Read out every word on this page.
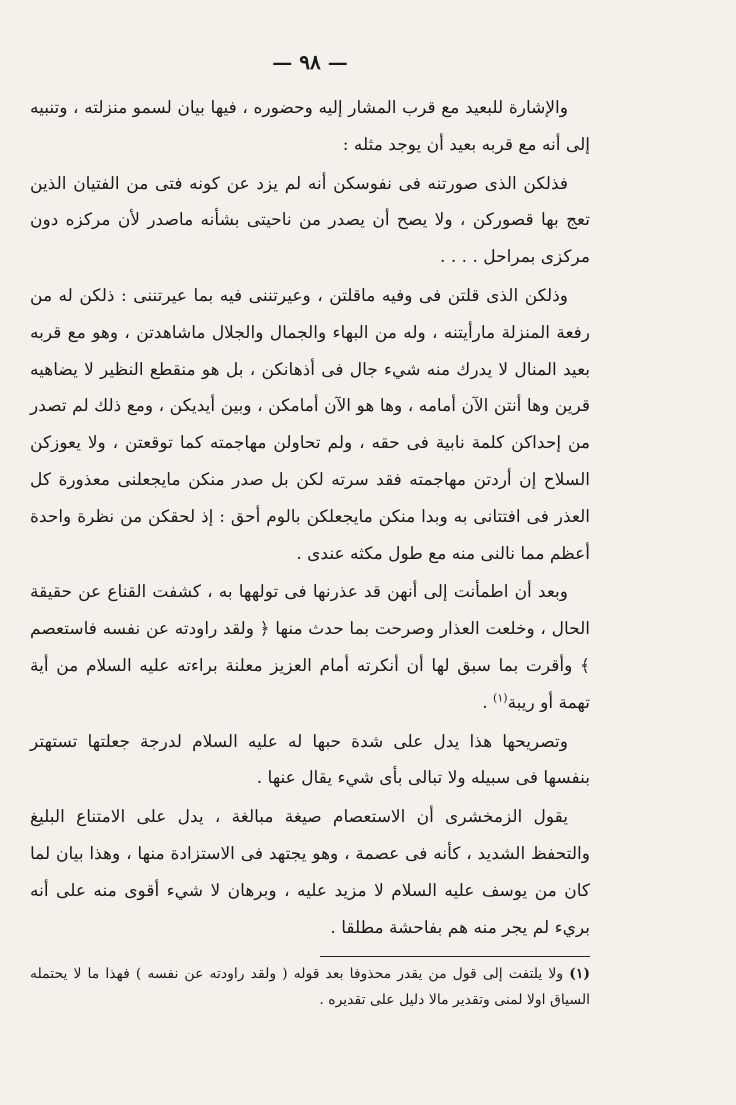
— ٩٨ —

والإشارة للبعيد مع قرب المشار إليه وحضوره ، فيها بيان لسمو منزلته ، وتنبيه إلى أنه مع قربه بعيد أن يوجد مثله :

فذلكن الذى صورتنه فى نفوسكن أنه لم يزد عن كونه فتى من الفتيان الذين تعج بها قصوركن ، ولا يصح أن يصدر من ناحيتى بشأنه ماصدر لأن مركزه دون مركزى بمراحل . . . .

وذلكن الذى قلتن فى وفيه ماقلتن ، وعيرتننى فيه بما عيرتننى : ذلكن له من رفعة المنزلة مارأيتنه ، وله من البهاء والجمال والجلال ماشاهدتن ، وهو مع قربه بعيد المنال لا يدرك منه شيء جال فى أذهانكن ، بل هو منقطع النظير لا يضاهيه قرين وها أنتن الآن أمامه ، وها هو الآن أمامكن ، وبين أيديكن ، ومع ذلك لم تصدر من إحداكن كلمة نابية فى حقه ، ولم تحاولن مهاجمته كما توقعتن ، ولا يعوزكن السلاح إن أردتن مهاجمته فقد سرته لكن بل صدر منكن مايجعلنى معذورة كل العذر فى افتتانى به وبدا منكن مايجعلكن بالوم أحق : إذ لحقكن من نظرة واحدة أعظم مما نالنى منه مع طول مكثه عندى .

وبعد أن اطمأنت إلى أنهن قد عذرنها فى تولهها به ، كشفت القناع عن حقيقة الحال ، وخلعت العذار وصرحت بما حدث منها ﴿ ولقد راودته عن نفسه فاستعصم ﴾ وأقرت بما سبق لها أن أنكرته أمام العزيز معلنة براءته عليه السلام من أية تهمة أو ريبة$^{(١)}$ .

وتصريحها هذا يدل على شدة حبها له عليه السلام لدرجة جعلتها تستهتر بنفسها فى سبيله ولا تبالى بأى شيء يقال عنها .

يقول الزمخشرى أن الاستعصام صيغة مبالغة ، يدل على الامتناع البليغ والتحفظ الشديد ، كأنه فى عصمة ، وهو يجتهد فى الاستزادة منها ، وهذا بيان لما كان من يوسف عليه السلام لا مزيد عليه ، وبرهان لا شيء أقوى منه على أنه بريء لم يجر منه هم بفاحشة مطلقا .

(١) ولا يلتفت إلى قول من يقدر محذوفا بعد قوله ( ولقد راودته عن نفسه ) فهذا ما لا يحتمله السياق اولا لمنى وتقدير مالا دليل على تقديره .
